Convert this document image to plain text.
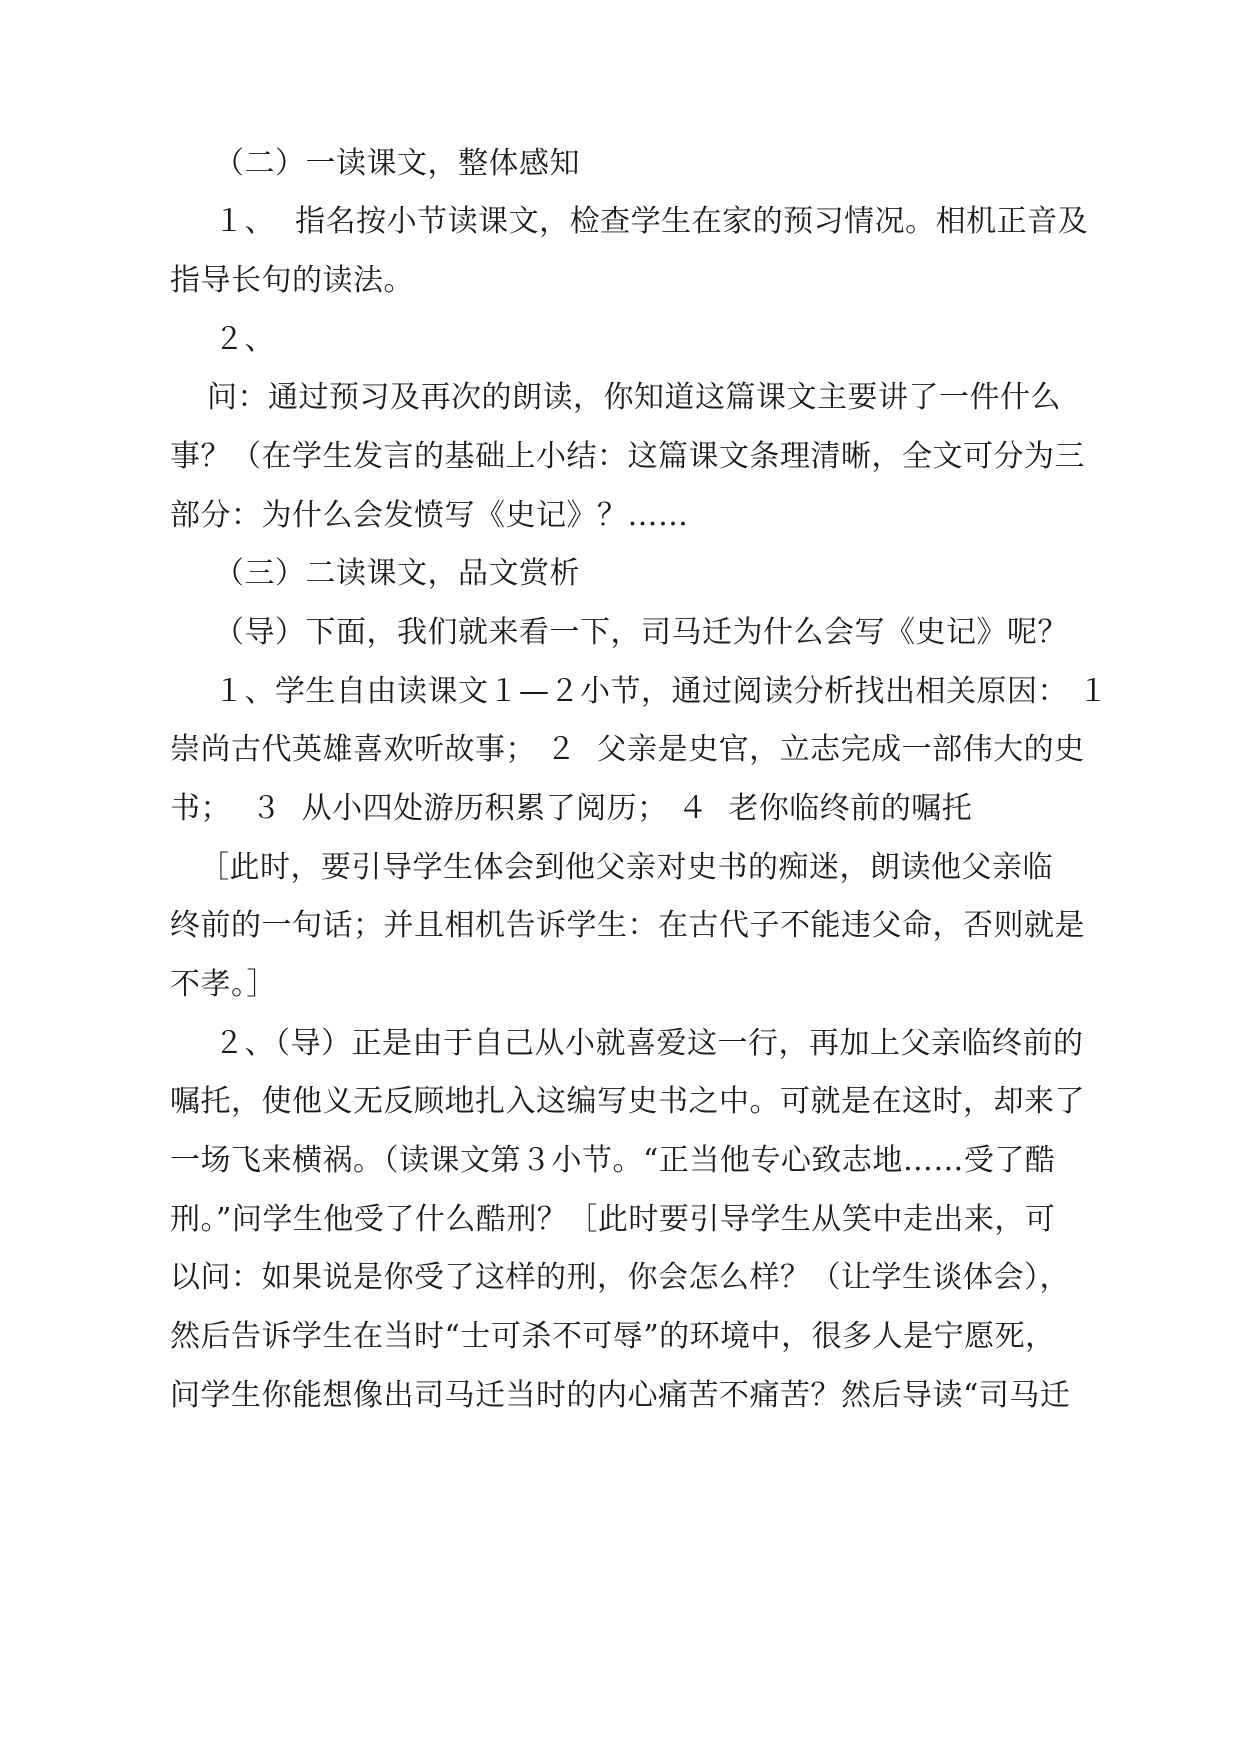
（二）一读课文，整体感知
１、  指名按小节读课文，检查学生在家的预习情况。相机正音及
指导长句的读法。
２、
问：通过预习及再次的朗读，你知道这篇课文主要讲了一件什么
事？（在学生发言的基础上小结：这篇课文条理清晰，全文可分为三
部分：为什么会发愤写《史记》？……
（三）二读课文，品文赏析
（导）下面，我们就来看一下，司马迁为什么会写《史记》呢？
１、学生自由读课文１—２小节，通过阅读分析找出相关原因： １
崇尚古代英雄喜欢听故事； ２  父亲是史官，立志完成一部伟大的史
书；  ３  从小四处游历积累了阅历； ４  老你临终前的嘱托
［此时，要引导学生体会到他父亲对史书的痴迷，朗读他父亲临
终前的一句话；并且相机告诉学生：在古代子不能违父命，否则就是
不孝。］
２、（导）正是由于自己从小就喜爱这一行，再加上父亲临终前的
嘱托，使他义无反顾地扎入这编写史书之中。可就是在这时，却来了
一场飞来横祸。（读课文第３小节。“正当他专心致志地……受了酷
刑。”问学生他受了什么酷刑？［此时要引导学生从笑中走出来，可
以问：如果说是你受了这样的刑，你会怎么样？（让学生谈体会），
然后告诉学生在当时“士可杀不可辱”的环境中，很多人是宁愿死，
问学生你能想像出司马迁当时的内心痛苦不痛苦？然后导读“司马迁
